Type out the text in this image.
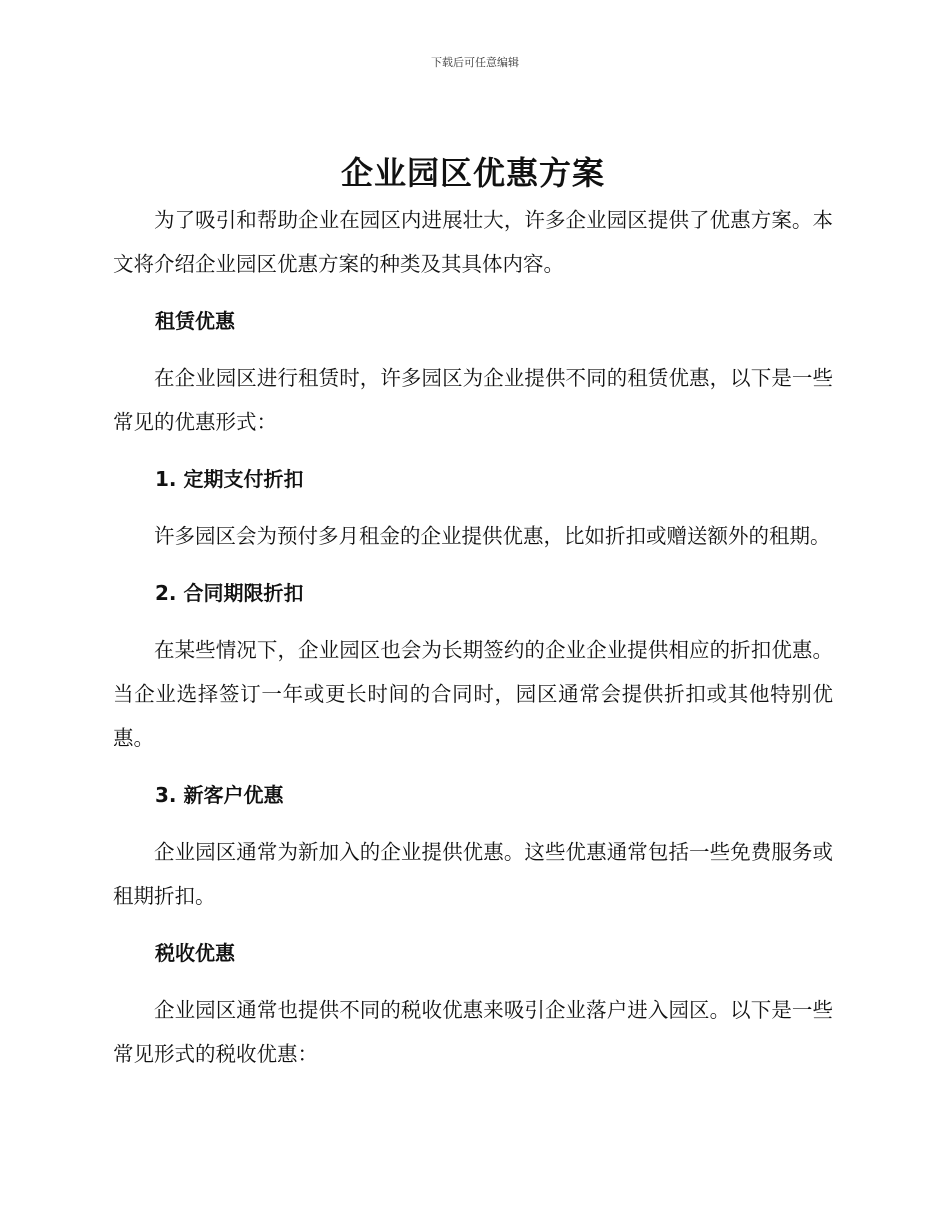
下载后可任意编辑
企业园区优惠方案

为了吸引和帮助企业在园区内进展壮大，许多企业园区提供了优惠方案。本文将介绍企业园区优惠方案的种类及其具体内容。

租赁优惠

在企业园区进行租赁时，许多园区为企业提供不同的租赁优惠，以下是一些常见的优惠形式：

1. 定期支付折扣

许多园区会为预付多月租金的企业提供优惠，比如折扣或赠送额外的租期。

2. 合同期限折扣

在某些情况下，企业园区也会为长期签约的企业企业提供相应的折扣优惠。当企业选择签订一年或更长时间的合同时，园区通常会提供折扣或其他特别优惠。

3. 新客户优惠

企业园区通常为新加入的企业提供优惠。这些优惠通常包括一些免费服务或租期折扣。

税收优惠

企业园区通常也提供不同的税收优惠来吸引企业落户进入园区。以下是一些常见形式的税收优惠：
